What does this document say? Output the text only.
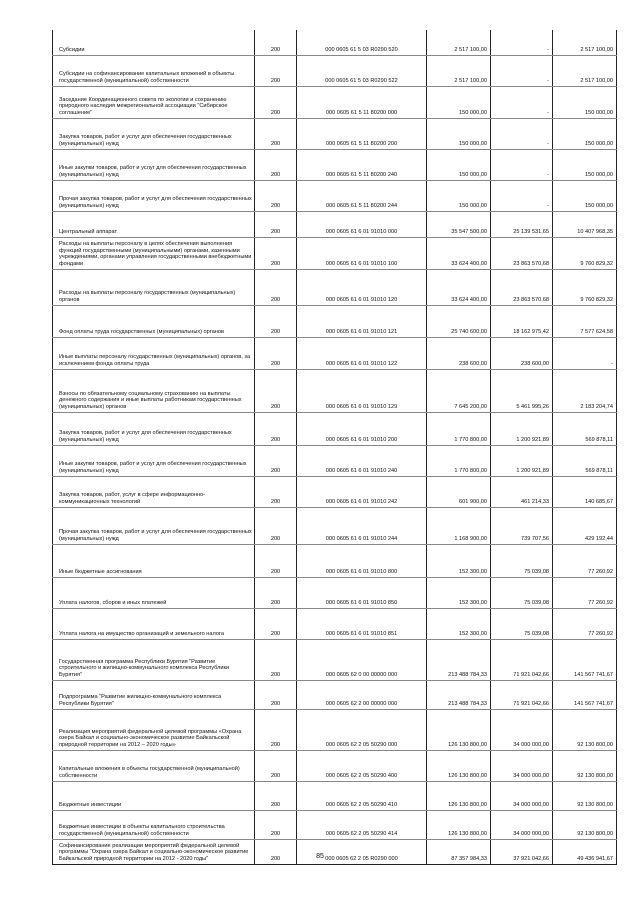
Субсидии	200	000 0605 61 5 03 R0290 520	2 517 100,00	-	2 517 100,00
Субсидии на софинансирование капитальных вложений в объекты государственной (муниципальной) собственности	200	000 0605 61 5 03 R0290 522	2 517 100,00	-	2 517 100,00
Заседание Координационного совета по экологии и сохранению природного наследия межрегиональной ассоциации "Сибирское соглашение"	200	000 0605 61 5 11 80200 000	150 000,00	-	150 000,00
Закупка товаров, работ и услуг для обеспечения государственных (муниципальных) нужд	200	000 0605 61 5 11 80200 200	150 000,00	-	150 000,00
Иные закупки товаров, работ и услуг для обеспечения государственных (муниципальных) нужд	200	000 0605 61 5 11 80200 240	150 000,00	-	150 000,00
Прочая закупка товаров, работ и услуг для обеспечения государственных (муниципальных) нужд	200	000 0605 61 5 11 80200 244	150 000,00	-	150 000,00
Центральный аппарат	200	000 0605 61 6 01 91010 000	35 547 500,00	25 139 531,65	10 407 968,35
Расходы на выплаты персоналу в целях обеспечения выполнения функций государственными (муниципальными) органами, казенными учреждениями, органами управления государственными внебюджетными фондами	200	000 0605 61 6 01 91010 100	33 624 400,00	23 863 570,68	9 760 829,32
Расходы на выплаты персоналу государственных (муниципальных) органов	200	000 0605 61 6 01 91010 120	33 624 400,00	23 863 570,68	9 760 829,32
Фонд оплаты труда государственных (муниципальных) органов	200	000 0605 61 6 01 91010 121	25 740 600,00	18 162 975,42	7 577 624,58
Иные выплаты персоналу государственных (муниципальных) органов, за исключением фонда оплаты труда	200	000 0605 61 6 01 91010 122	238 600,00	238 600,00	-
Взносы по обязательному социальному страхованию на выплаты денежного содержания и иные выплаты работникам государственных (муниципальных) органов	200	000 0605 61 6 01 91010 129	7 645 200,00	5 461 995,26	2 183 204,74
Закупка товаров, работ и услуг для обеспечения государственных (муниципальных) нужд	200	000 0605 61 6 01 91010 200	1 770 800,00	1 200 921,89	569 878,11
Иные закупки товаров, работ и услуг для обеспечения государственных (муниципальных) нужд	200	000 0605 61 6 01 91010 240	1 770 800,00	1 200 921,89	569 878,11
Закупка товаров, работ, услуг в сфере информационно-коммуникационных технологий	200	000 0605 61 6 01 91010 242	601 900,00	461 214,33	140 685,67
Прочая закупка товаров, работ и услуг для обеспечения государственных (муниципальных) нужд	200	000 0605 61 6 01 91010 244	1 168 900,00	739 707,56	429 192,44
Иные бюджетные ассигнования	200	000 0605 61 6 01 91010 800	152 300,00	75 039,08	77 260,92
Уплата налогов, сборов и иных платежей	200	000 0605 61 6 01 91010 850	152 300,00	75 039,08	77 260,92
Уплата налога на имущество организаций и земельного налога	200	000 0605 61 6 01 91010 851	152 300,00	75 039,08	77 260,92
Государственная программа Республики Бурятия "Развитие строительного и жилищно-коммунального комплекса Республики Бурятия"	200	000 0605 62 0 00 00000 000	213 488 784,33	71 921 042,66	141 567 741,67
Подпрограмма "Развитие жилищно-коммунального комплекса Республики Бурятия"	200	000 0605 62 2 00 00000 000	213 488 784,33	71 921 042,66	141 567 741,67
Реализация мероприятий федеральной целевой программы «Охрана озера Байкал и социально-экономическое развитие Байкальской природной территории на 2012 – 2020 годы»	200	000 0605 62 2 05 50290 000	126 130 800,00	34 000 000,00	92 130 800,00
Капитальные вложения в объекты государственной (муниципальной) собственности	200	000 0605 62 2 05 50290 400	126 130 800,00	34 000 000,00	92 130 800,00
Бюджетные инвестиции	200	000 0605 62 2 05 50290 410	126 130 800,00	34 000 000,00	92 130 800,00
Бюджетные инвестиции в объекты капитального строительства государственной (муниципальной) собственности	200	000 0605 62 2 05 50290 414	126 130 800,00	34 000 000,00	92 130 800,00
Софинансирование реализации мероприятий федеральной целевой программы "Охрана озера Байкал и социально-экономическое развитие Байкальской природной территории на 2012 - 2020 годы"	200	000 0605 62 2 05 R0290 000	87 357 984,33	37 921 042,66	49 436 941,67
85
